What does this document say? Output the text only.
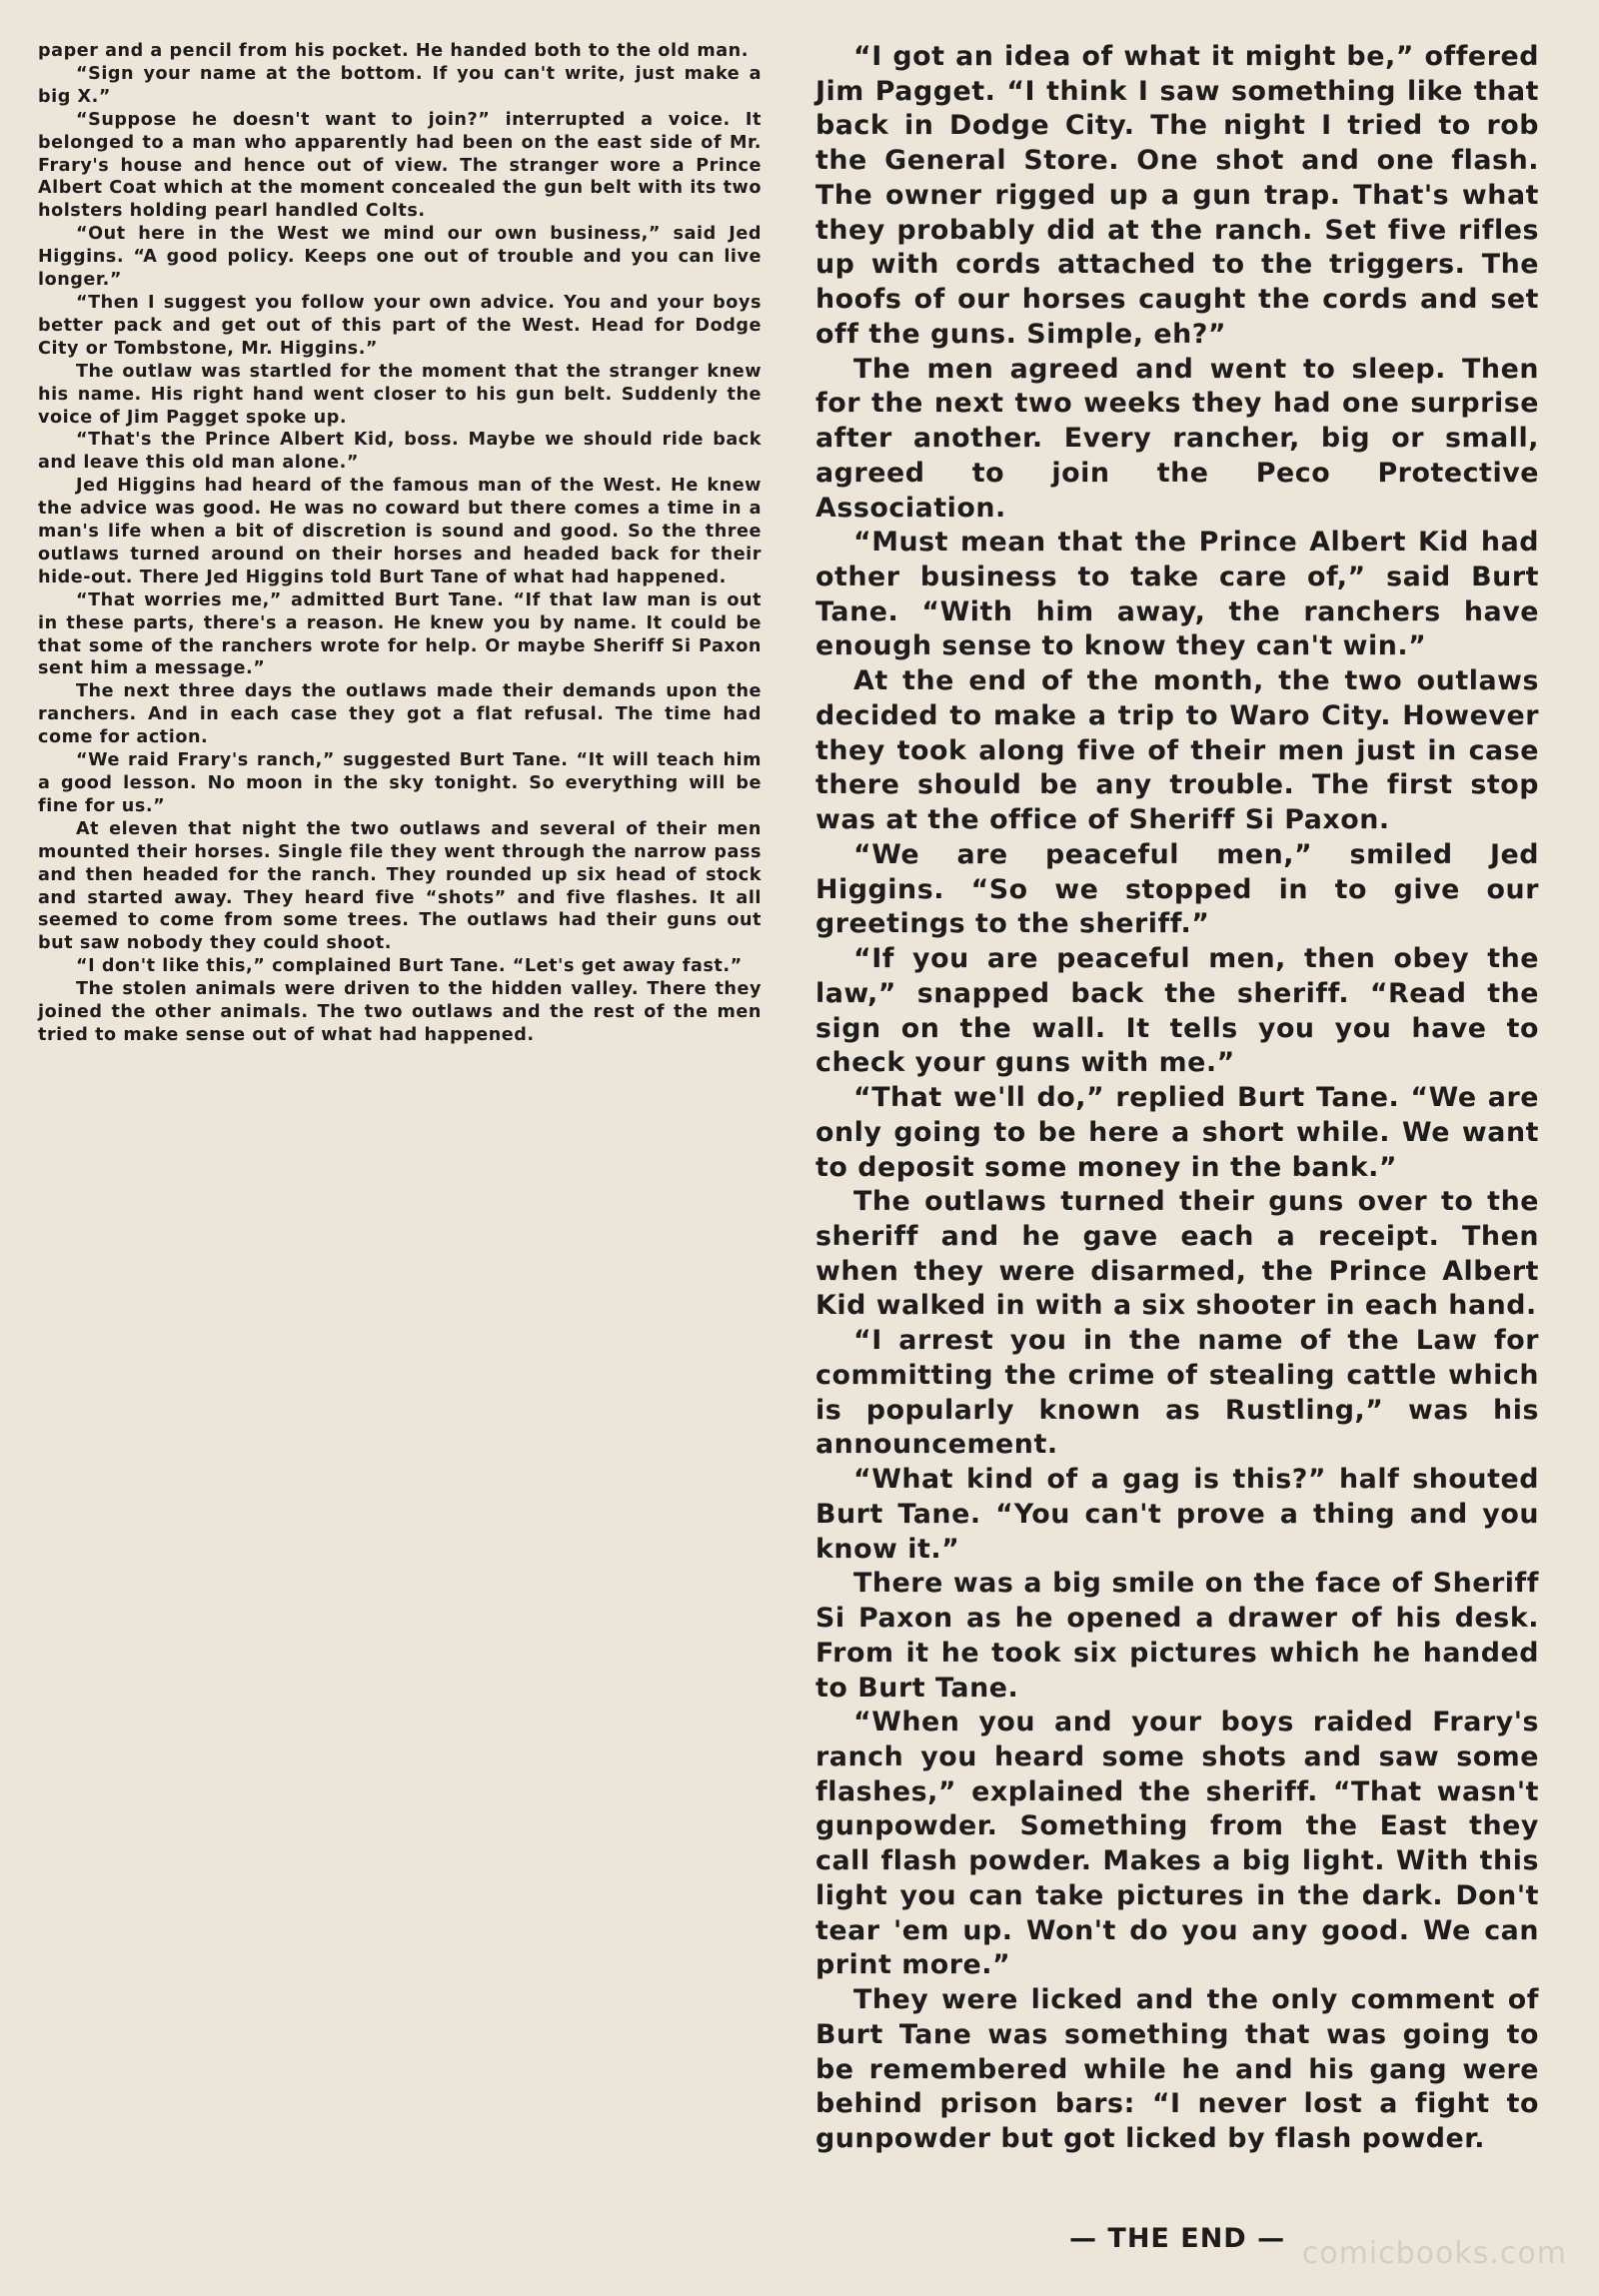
paper and a pencil from his pocket. He handed both to the old man.

“Sign your name at the bottom. If you can't write, just make a big X.”

“Suppose he doesn't want to join?” interrupted a voice. It belonged to a man who apparently had been on the east side of Mr. Frary's house and hence out of view. The stranger wore a Prince Albert Coat which at the moment concealed the gun belt with its two holsters holding pearl handled Colts.

“Out here in the West we mind our own business,” said Jed Higgins. “A good policy. Keeps one out of trouble and you can live longer.”

“Then I suggest you follow your own advice. You and your boys better pack and get out of this part of the West. Head for Dodge City or Tombstone, Mr. Higgins.”

The outlaw was startled for the moment that the stranger knew his name. His right hand went closer to his gun belt. Suddenly the voice of Jim Pagget spoke up.

“That's the Prince Albert Kid, boss. Maybe we should ride back and leave this old man alone.”

Jed Higgins had heard of the famous man of the West. He knew the advice was good. He was no coward but there comes a time in a man's life when a bit of discretion is sound and good. So the three outlaws turned around on their horses and headed back for their hide-out. There Jed Higgins told Burt Tane of what had happened.

“That worries me,” admitted Burt Tane. “If that law man is out in these parts, there's a reason. He knew you by name. It could be that some of the ranchers wrote for help. Or maybe Sheriff Si Paxon sent him a message.”

The next three days the outlaws made their demands upon the ranchers. And in each case they got a flat refusal. The time had come for action.

“We raid Frary's ranch,” suggested Burt Tane. “It will teach him a good lesson. No moon in the sky tonight. So everything will be fine for us.”

At eleven that night the two outlaws and several of their men mounted their horses. Single file they went through the narrow pass and then headed for the ranch. They rounded up six head of stock and started away. They heard five “shots” and five flashes. It all seemed to come from some trees. The outlaws had their guns out but saw nobody they could shoot.

“I don't like this,” complained Burt Tane. “Let's get away fast.”

The stolen animals were driven to the hidden valley. There they joined the other animals. The two outlaws and the rest of the men tried to make sense out of what had happened.

“I got an idea of what it might be,” offered Jim Pagget. “I think I saw something like that back in Dodge City. The night I tried to rob the General Store. One shot and one flash. The owner rigged up a gun trap. That's what they probably did at the ranch. Set five rifles up with cords attached to the triggers. The hoofs of our horses caught the cords and set off the guns. Simple, eh?”

The men agreed and went to sleep. Then for the next two weeks they had one surprise after another. Every rancher, big or small, agreed to join the Peco Protective Association.

“Must mean that the Prince Albert Kid had other business to take care of,” said Burt Tane. “With him away, the ranchers have enough sense to know they can't win.”

At the end of the month, the two outlaws decided to make a trip to Waro City. However they took along five of their men just in case there should be any trouble. The first stop was at the office of Sheriff Si Paxon.

“We are peaceful men,” smiled Jed Higgins. “So we stopped in to give our greetings to the sheriff.”

“If you are peaceful men, then obey the law,” snapped back the sheriff. “Read the sign on the wall. It tells you you have to check your guns with me.”

“That we'll do,” replied Burt Tane. “We are only going to be here a short while. We want to deposit some money in the bank.”

The outlaws turned their guns over to the sheriff and he gave each a receipt. Then when they were disarmed, the Prince Albert Kid walked in with a six shooter in each hand.

“I arrest you in the name of the Law for committing the crime of stealing cattle which is popularly known as Rustling,” was his announcement.

“What kind of a gag is this?” half shouted Burt Tane. “You can't prove a thing and you know it.”

There was a big smile on the face of Sheriff Si Paxon as he opened a drawer of his desk. From it he took six pictures which he handed to Burt Tane.

“When you and your boys raided Frary's ranch you heard some shots and saw some flashes,” explained the sheriff. “That wasn't gunpowder. Something from the East they call flash powder. Makes a big light. With this light you can take pictures in the dark. Don't tear 'em up. Won't do you any good. We can print more.”

They were licked and the only comment of Burt Tane was something that was going to be remembered while he and his gang were behind prison bars: “I never lost a fight to gunpowder but got licked by flash powder.

— THE END — comicbooks.com
